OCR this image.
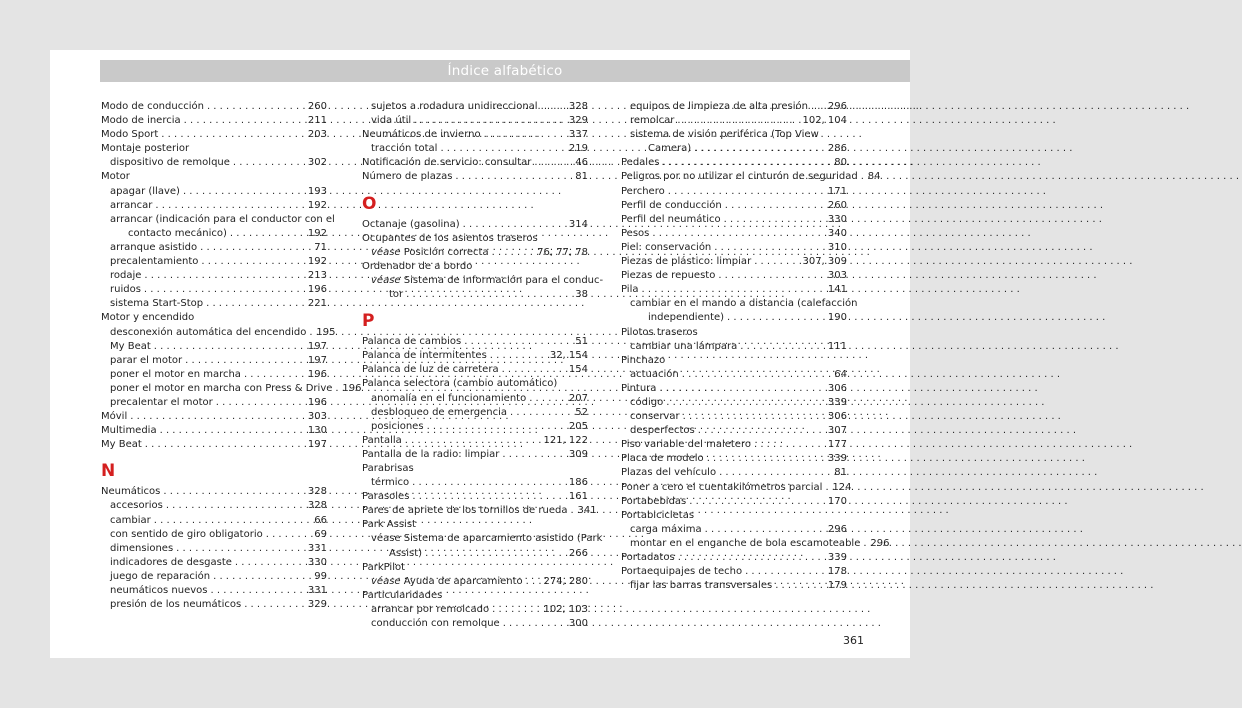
Índice alfabético
Modo de conducción . . .	260
Modo de inercia . . .	211
Modo Sport . . .	203
Montaje posterior
dispositivo de remolque . . .	302
Motor
apagar (llave) . . .	193
arrancar . . .	192
arrancar (indicación para el conductor con el
contacto mecánico) . . .	192
arranque asistido . . .	71
precalentamiento . . .	192
rodaje . . .	213
ruidos . . .	196
sistema Start-Stop . . .	221
Motor y encendido
desconexión automática del encendido . . . 195
My Beat . . .	197
parar el motor . . .	197
poner el motor en marcha . . .	196
poner el motor en marcha con Press & Drive . . . 196
precalentar el motor . . .	196
Móvil . . .	303
Multimedia . . .	130
My Beat . . .	197
N
Neumáticos . . .	328
accesorios . . .	328
cambiar . . .	66
con sentido de giro obligatorio . . .	69
dimensiones . . .	331
indicadores de desgaste . . .	330
juego de reparación . . .	99
neumáticos nuevos . . .	331
presión de los neumáticos . . .	329
sujetos a rodadura unidireccional . . .	328
vida útil . . .	329
Neumáticos de invierno . . .	337
tracción total . . .	219
Notificación de servicio: consultar . . .	46
Número de plazas . . .	81
O
Octanaje (gasolina) . . .	314
Ocupantes de los asientos traseros
véase Posición correcta . . .	76, 77, 78
Ordenador de a bordo
véase Sistema de información para el conduc-
tor . . .	38
P
Palanca de cambios . . .	51
Palanca de intermitentes . . .	32, 154
Palanca de luz de carretera . . .	154
Palanca selectora (cambio automático)
anomalía en el funcionamiento . . .	207
desbloqueo de emergencia . . .	52
posiciones . . .	205
Pantalla . . .	121, 122
Pantalla de la radio: limpiar . . .	309
Parabrisas
térmico . . .	186
Parasoles . . .	161
Pares de apriete de los tornillos de rueda . . . 341
Park Assist
véase Sistema de aparcamiento asistido (Park
Assist) . . .	266
ParkPilot
véase Ayuda de aparcamiento . . . 274, 280
Particularidades
arrancar por remolcado . . .	102, 103
conducción con remolque . . .	300
equipos de limpieza de alta presión . . . 296
remolcar . . .	102, 104
sistema de visión periférica (Top View
Camera) . . .	286
Pedales . . .	80
Peligros por no utilizar el cinturón de seguridad . . . 84
Perchero . . .	171
Perfil de conducción . . .	260
Perfil del neumático . . .	330
Pesos . . .	340
Piel: conservación . . .	310
Piezas de plástico: limpiar . . .	307, 309
Piezas de repuesto . . .	303
Pila . . .	141
cambiar en el mando a distancia (calefacción
independiente) . . .	190
Pilotos traseros
cambiar una lámpara . . .	111
Pinchazo
actuación . . .	64
Pintura . . .	306
código . . .	339
conservar . . .	306
desperfectos . . .	307
Piso variable del maletero . . .	177
Placa de modelo . . .	339
Plazas del vehículo . . .	81
Poner a cero el cuentakilómetros parcial . . . 124
Portabebidas . . .	170
Portabicicletas
carga máxima . . .	296
montar en el enganche de bola escamoteable . . . 296
Portadatos . . .	339
Portaequipajes de techo . . .	178
fijar las barras transversales . . .	179
361
